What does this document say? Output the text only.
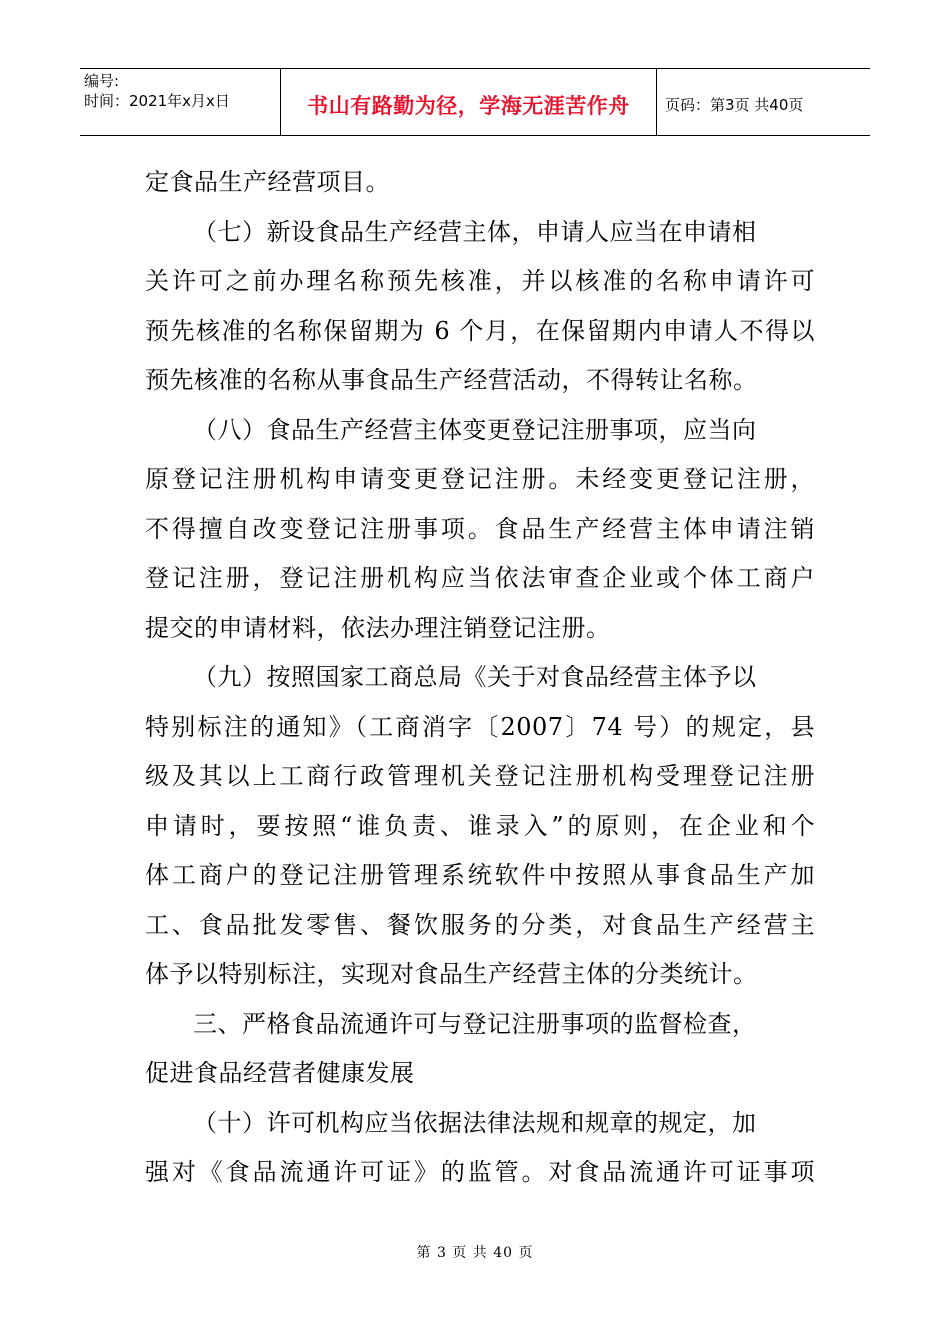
编号:
时间：2021年x月x日	书山有路勤为径，学海无涯苦作舟	页码：第3页 共40页
定食品生产经营项目。
（七）新设食品生产经营主体，申请人应当在申请相
关许可之前办理名称预先核准，并以核准的名称申请许可
预先核准的名称保留期为 6 个月，在保留期内申请人不得以
预先核准的名称从事食品生产经营活动，不得转让名称。
（八）食品生产经营主体变更登记注册事项，应当向
原登记注册机构申请变更登记注册。未经变更登记注册，
不得擅自改变登记注册事项。食品生产经营主体申请注销
登记注册，登记注册机构应当依法审查企业或个体工商户
提交的申请材料，依法办理注销登记注册。
（九）按照国家工商总局《关于对食品经营主体予以
特别标注的通知》（工商消字〔2007〕74 号）的规定，县
级及其以上工商行政管理机关登记注册机构受理登记注册
申请时，要按照“谁负责、谁录入”的原则，在企业和个
体工商户的登记注册管理系统软件中按照从事食品生产加
工、食品批发零售、餐饮服务的分类，对食品生产经营主
体予以特别标注，实现对食品生产经营主体的分类统计。
三、严格食品流通许可与登记注册事项的监督检查，
促进食品经营者健康发展
（十）许可机构应当依据法律法规和规章的规定，加
强对《食品流通许可证》的监管。对食品流通许可证事项
第 3 页 共 40 页
